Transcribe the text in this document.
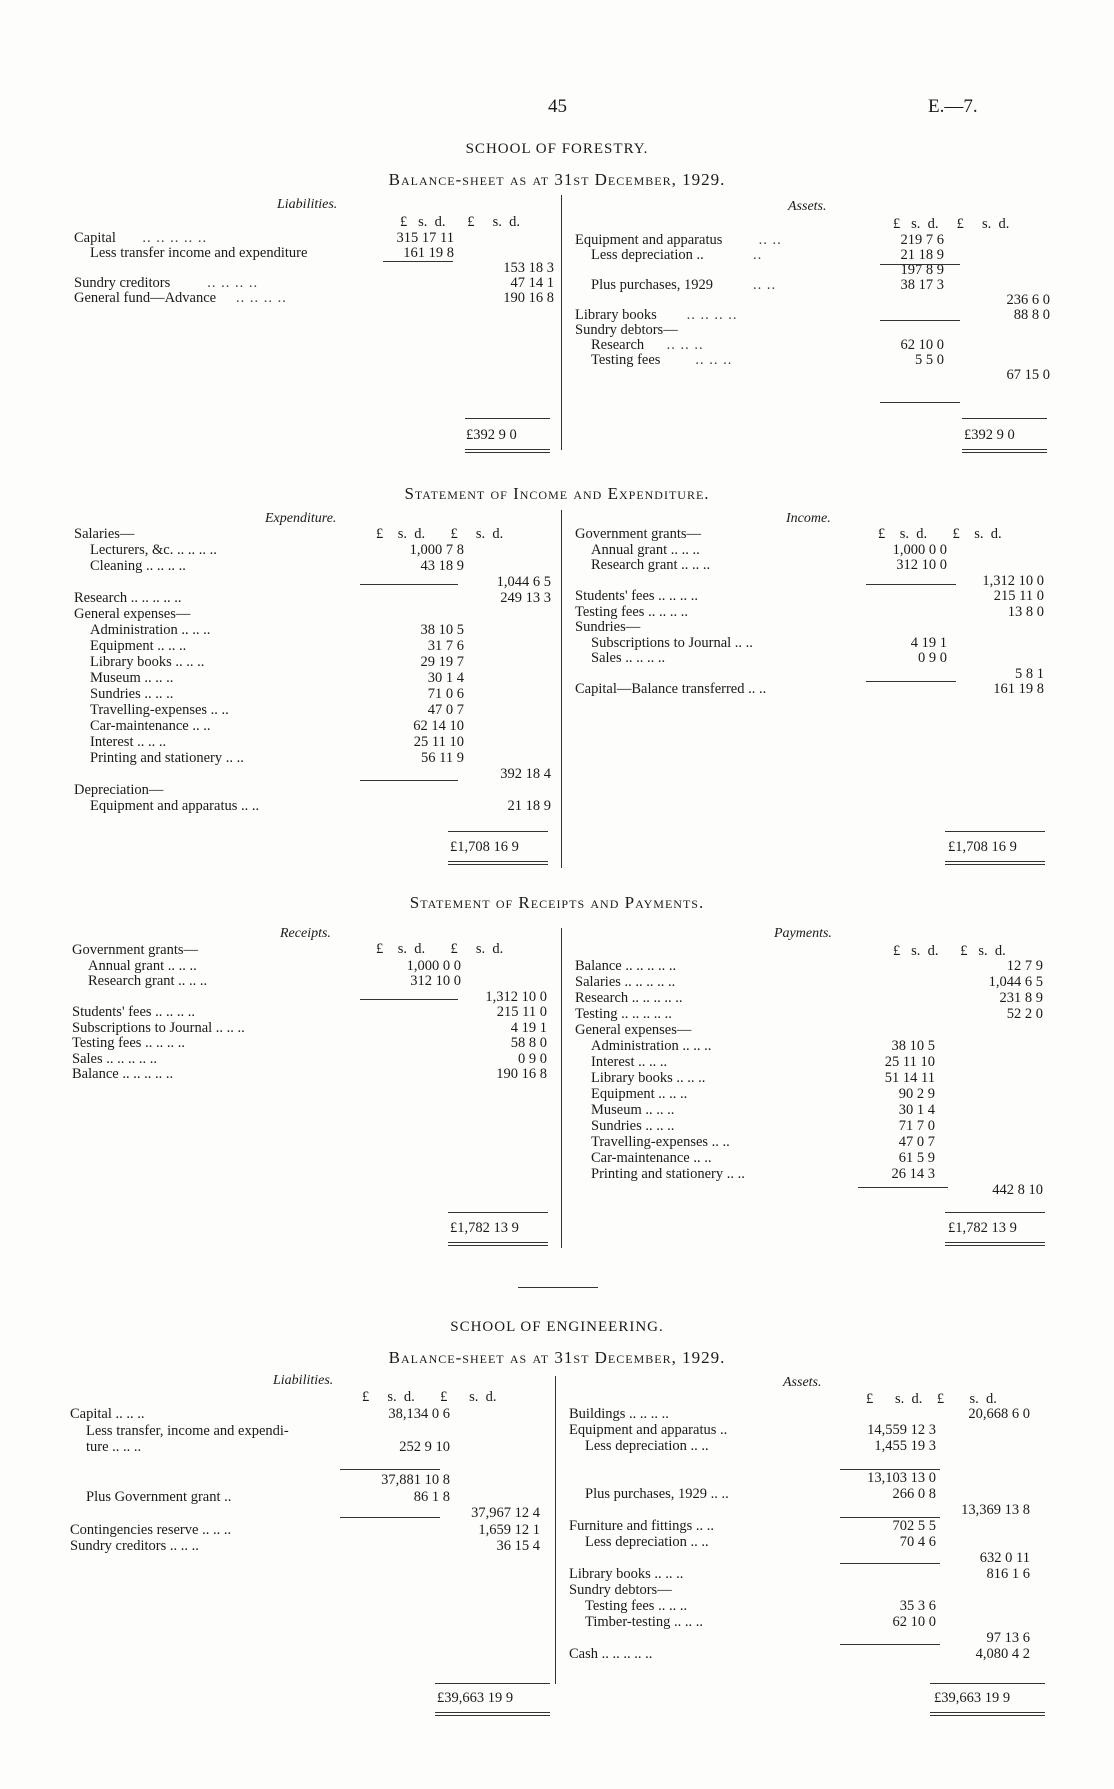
45	E.—7.
SCHOOL OF FORESTRY.
Balance-sheet as at 31st December, 1929.
Liabilities.	Assets.
£   s.  d.      £     s.  d.	£   s.  d.     £     s.  d.
Capital .. .. .. .. ..	315 17 11
Less transfer income and expenditure	161 19 8
153 18 3
Sundry creditors	.. .. .. ..	47 14 1
General fund—Advance .. .. .. ..	190 16 8
Equipment and apparatus .. ..	219 7 6
Less depreciation ..	..	21 18 9
197 8 9
Plus purchases, 1929	.. ..	38 17 3
236 6 0
Library books .. .. .. ..	88 8 0
Sundry debtors—
Research .. .. ..	62 10 0
Testing fees .. .. ..	5 5 0
67 15 0
£392 9 0	£392 9 0
Statement of Income and Expenditure.
Expenditure.	Income.
£    s.  d.       £     s.  d.	£    s.  d.       £    s.  d.
Salaries—
Lecturers, &c. .. .. .. ..	1,000 7 8
Cleaning .. .. .. ..	43 18 9
1,044 6 5
Research .. .. .. .. ..	249 13 3
General expenses—
Administration .. .. ..	38 10 5
Equipment .. .. ..	31 7 6
Library books .. .. ..	29 19 7
Museum .. .. ..	30 1 4
Sundries .. .. ..	71 0 6
Travelling-expenses .. ..	47 0 7
Car-maintenance .. ..	62 14 10
Interest .. .. ..	25 11 10
Printing and stationery .. ..	56 11 9
392 18 4
Depreciation—
Equipment and apparatus .. ..	21 18 9
Government grants—
Annual grant .. .. ..	1,000 0 0
Research grant .. .. ..	312 10 0
1,312 10 0
Students' fees .. .. .. ..	215 11 0
Testing fees .. .. .. ..	13 8 0
Sundries—
Subscriptions to Journal .. ..	4 19 1
Sales .. .. .. ..	0 9 0
5 8 1
Capital—Balance transferred .. ..	161 19 8
£1,708 16 9	£1,708 16 9
Statement of Receipts and Payments.
Receipts.	Payments.
£    s.  d.       £     s.  d.	£   s.  d.      £   s.  d.
Government grants—
Annual grant .. .. ..	1,000 0 0
Research grant .. .. ..	312 10 0
1,312 10 0
Students' fees .. .. .. ..	215 11 0
Subscriptions to Journal .. .. ..	4 19 1
Testing fees .. .. .. ..	58 8 0
Sales .. .. .. .. ..	0 9 0
Balance .. .. .. .. ..	190 16 8
Balance .. .. .. .. ..	12 7 9
Salaries .. .. .. .. ..	1,044 6 5
Research .. .. .. .. ..	231 8 9
Testing .. .. .. .. ..	52 2 0
General expenses—
Administration .. .. ..	38 10 5
Interest .. .. ..	25 11 10
Library books .. .. ..	51 14 11
Equipment .. .. ..	90 2 9
Museum .. .. ..	30 1 4
Sundries .. .. ..	71 7 0
Travelling-expenses .. ..	47 0 7
Car-maintenance .. ..	61 5 9
Printing and stationery .. ..	26 14 3
442 8 10
£1,782 13 9	£1,782 13 9
SCHOOL OF ENGINEERING.
Balance-sheet as at 31st December, 1929.
Liabilities.	Assets.
£     s.  d.       £      s.  d.	£      s.  d.    £       s.  d.
Capital .. .. ..	38,134 0 6
Less transfer, income and expendi-
ture .. .. ..	252 9 10
37,881 10 8
Plus Government grant ..	86 1 8
37,967 12 4
Contingencies reserve .. .. ..	1,659 12 1
Sundry creditors .. .. ..	36 15 4
Buildings .. .. .. ..	20,668 6 0
Equipment and apparatus ..	14,559 12 3
Less depreciation .. ..	1,455 19 3
13,103 13 0
Plus purchases, 1929 .. ..	266 0 8
13,369 13 8
Furniture and fittings .. ..	702 5 5
Less depreciation .. ..	70 4 6
632 0 11
Library books .. .. ..	816 1 6
Sundry debtors—
Testing fees .. .. ..	35 3 6
Timber-testing .. .. ..	62 10 0
97 13 6
Cash .. .. .. .. ..	4,080 4 2
£39,663 19 9	£39,663 19 9
